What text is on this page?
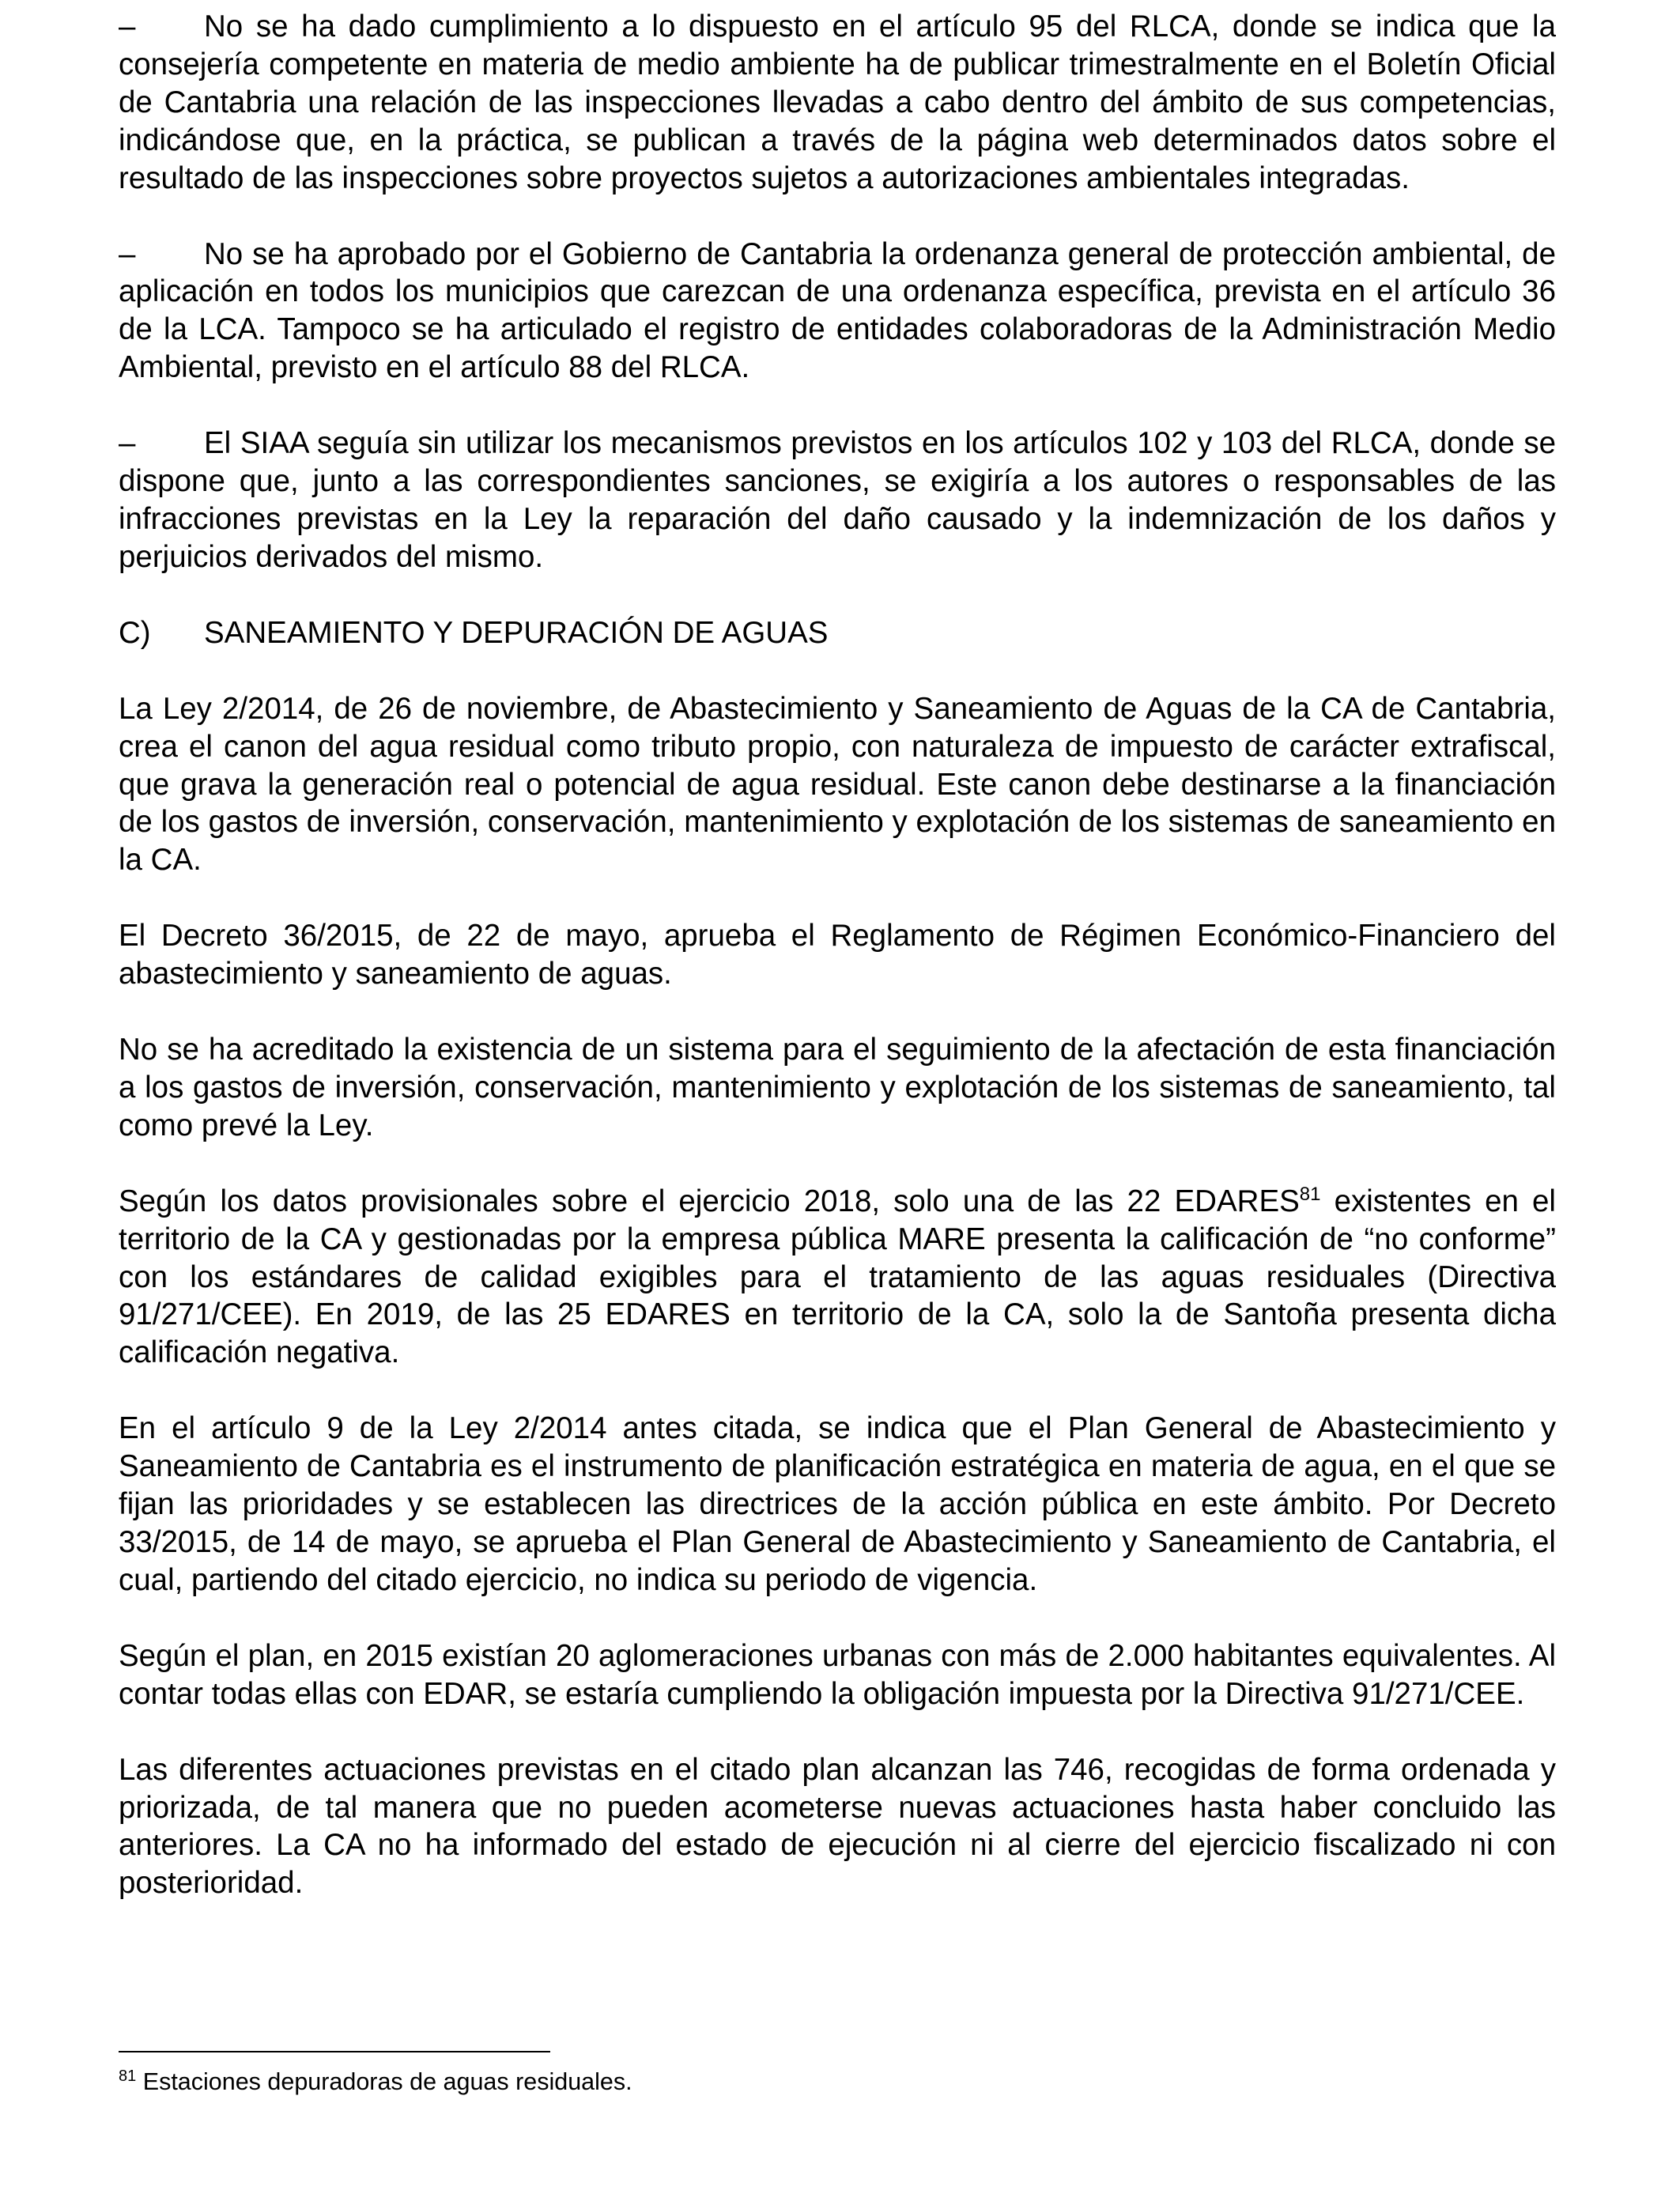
– No se ha dado cumplimiento a lo dispuesto en el artículo 95 del RLCA, donde se indica que la consejería competente en materia de medio ambiente ha de publicar trimestralmente en el Boletín Oficial de Cantabria una relación de las inspecciones llevadas a cabo dentro del ámbito de sus competencias, indicándose que, en la práctica, se publican a través de la página web determinados datos sobre el resultado de las inspecciones sobre proyectos sujetos a autorizaciones ambientales integradas.

– No se ha aprobado por el Gobierno de Cantabria la ordenanza general de protección ambiental, de aplicación en todos los municipios que carezcan de una ordenanza específica, prevista en el artículo 36 de la LCA. Tampoco se ha articulado el registro de entidades colaboradoras de la Administración Medio Ambiental, previsto en el artículo 88 del RLCA.

– El SIAA seguía sin utilizar los mecanismos previstos en los artículos 102 y 103 del RLCA, donde se dispone que, junto a las correspondientes sanciones, se exigiría a los autores o responsables de las infracciones previstas en la Ley la reparación del daño causado y la indemnización de los daños y perjuicios derivados del mismo.

C) SANEAMIENTO Y DEPURACIÓN DE AGUAS

La Ley 2/2014, de 26 de noviembre, de Abastecimiento y Saneamiento de Aguas de la CA de Cantabria, crea el canon del agua residual como tributo propio, con naturaleza de impuesto de carácter extrafiscal, que grava la generación real o potencial de agua residual. Este canon debe destinarse a la financiación de los gastos de inversión, conservación, mantenimiento y explotación de los sistemas de saneamiento en la CA.

El Decreto 36/2015, de 22 de mayo, aprueba el Reglamento de Régimen Económico-Financiero del abastecimiento y saneamiento de aguas.

No se ha acreditado la existencia de un sistema para el seguimiento de la afectación de esta financiación a los gastos de inversión, conservación, mantenimiento y explotación de los sistemas de saneamiento, tal como prevé la Ley.

Según los datos provisionales sobre el ejercicio 2018, solo una de las 22 EDARES$^{81}$ existentes en el territorio de la CA y gestionadas por la empresa pública MARE presenta la calificación de “no conforme” con los estándares de calidad exigibles para el tratamiento de las aguas residuales (Directiva 91/271/CEE). En 2019, de las 25 EDARES en territorio de la CA, solo la de Santoña presenta dicha calificación negativa.

En el artículo 9 de la Ley 2/2014 antes citada, se indica que el Plan General de Abastecimiento y Saneamiento de Cantabria es el instrumento de planificación estratégica en materia de agua, en el que se fijan las prioridades y se establecen las directrices de la acción pública en este ámbito. Por Decreto 33/2015, de 14 de mayo, se aprueba el Plan General de Abastecimiento y Saneamiento de Cantabria, el cual, partiendo del citado ejercicio, no indica su periodo de vigencia.

Según el plan, en 2015 existían 20 aglomeraciones urbanas con más de 2.000 habitantes equivalentes. Al contar todas ellas con EDAR, se estaría cumpliendo la obligación impuesta por la Directiva 91/271/CEE.

Las diferentes actuaciones previstas en el citado plan alcanzan las 746, recogidas de forma ordenada y priorizada, de tal manera que no pueden acometerse nuevas actuaciones hasta haber concluido las anteriores. La CA no ha informado del estado de ejecución ni al cierre del ejercicio fiscalizado ni con posterioridad.

$^{81}$ Estaciones depuradoras de aguas residuales.
